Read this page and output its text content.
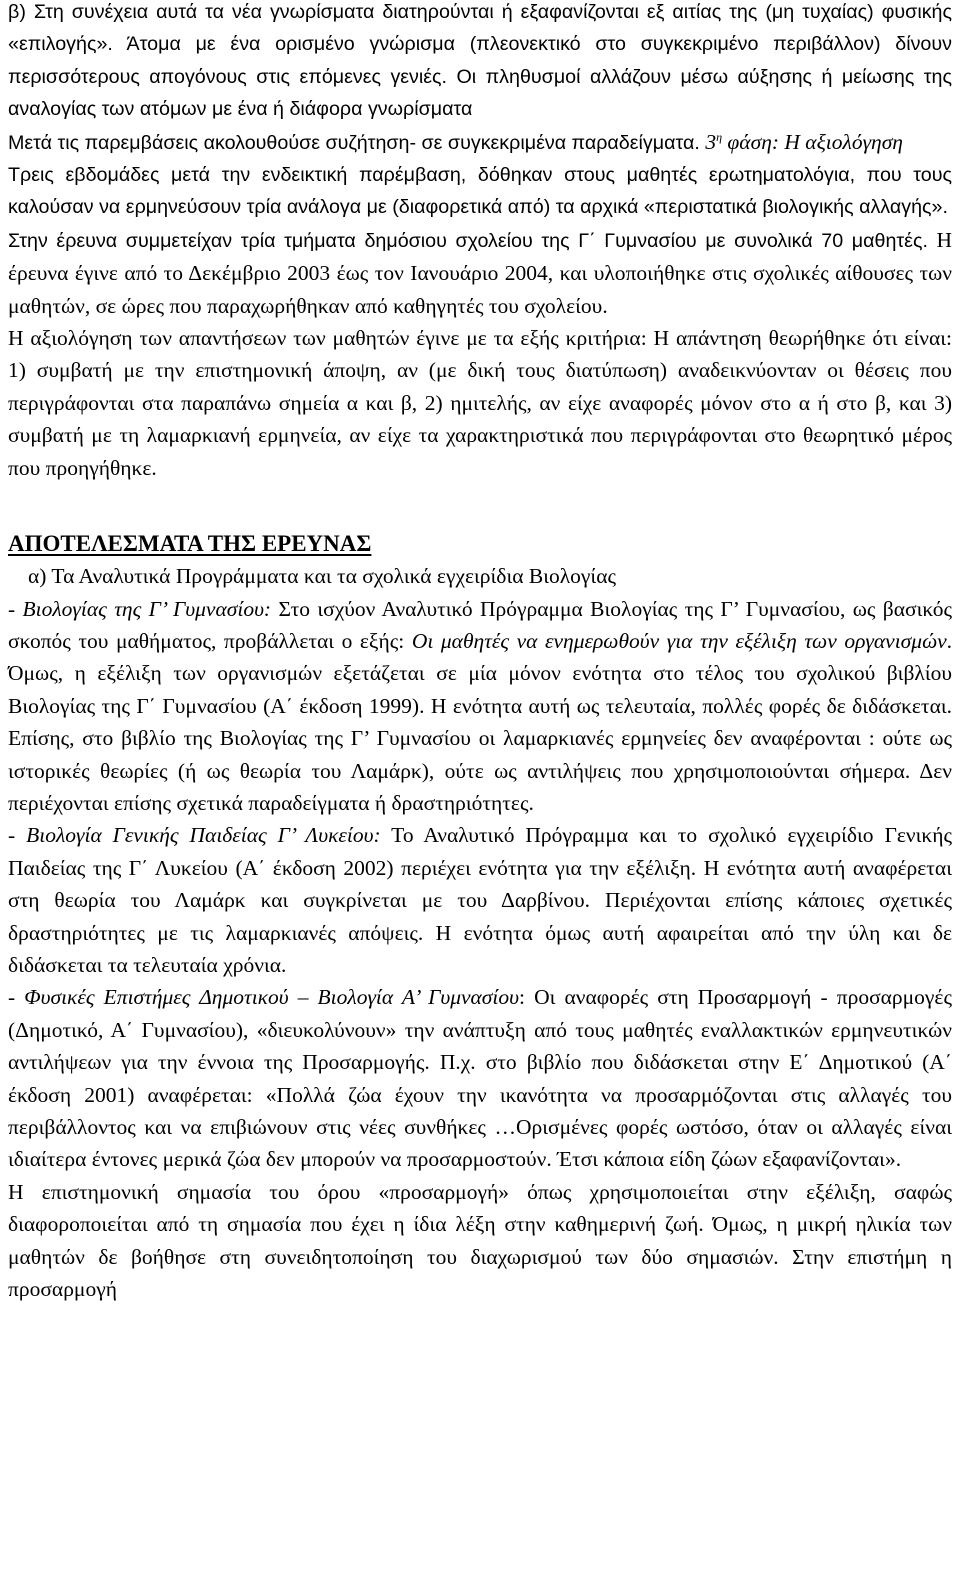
β) Στη συνέχεια αυτά τα νέα γνωρίσματα διατηρούνται ή εξαφανίζονται εξ αιτίας της (μη τυχαίας) φυσικής «επιλογής». Άτομα με ένα ορισμένο γνώρισμα (πλεονεκτικό στο συγκεκριμένο περιβάλλον) δίνουν περισσότερους απογόνους στις επόμενες γενιές. Οι πληθυσμοί αλλάζουν μέσω αύξησης ή μείωσης της αναλογίας των ατόμων με ένα ή διάφορα γνωρίσματα

Μετά τις παρεμβάσεις ακολουθούσε συζήτηση- σε συγκεκριμένα παραδείγματα. $3^\eta$ φάση: Η αξιολόγηση

Τρεις εβδομάδες μετά την ενδεικτική παρέμβαση, δόθηκαν στους μαθητές ερωτηματολόγια, που τους καλούσαν να ερμηνεύσουν τρία ανάλογα με (διαφορετικά από) τα αρχικά «περιστατικά βιολογικής αλλαγής».

Στην έρευνα συμμετείχαν τρία τμήματα δημόσιου σχολείου της Γ΄ Γυμνασίου με συνολικά 70 μαθητές. Η έρευνα έγινε από το Δεκέμβριο 2003 έως τον Ιανουάριο 2004, και υλοποιήθηκε στις σχολικές αίθουσες των μαθητών, σε ώρες που παραχωρήθηκαν από καθηγητές του σχολείου.

Η αξιολόγηση των απαντήσεων των μαθητών έγινε με τα εξής κριτήρια: Η απάντηση θεωρήθηκε ότι είναι: 1) συμβατή με την επιστημονική άποψη, αν (με δική τους διατύπωση) αναδεικνύονταν οι θέσεις που περιγράφονται στα παραπάνω σημεία α και β, 2) ημιτελής, αν είχε αναφορές μόνον στο α ή στο β, και 3) συμβατή με τη λαμαρκιανή ερμηνεία, αν είχε τα χαρακτηριστικά που περιγράφονται στο θεωρητικό μέρος που προηγήθηκε.

ΑΠΟΤΕΛΕΣΜΑΤΑ ΤΗΣ ΕΡΕΥΝΑΣ

α) Τα Αναλυτικά Προγράμματα και τα σχολικά εγχειρίδια Βιολογίας

- Βιολογίας της Γ’ Γυμνασίου: Στο ισχύον Αναλυτικό Πρόγραμμα Βιολογίας της Γ’ Γυμνασίου, ως βασικός σκοπός του μαθήματος, προβάλλεται ο εξής: Οι μαθητές να ενημερωθούν για την εξέλιξη των οργανισμών. Όμως, η εξέλιξη των οργανισμών εξετάζεται σε μία μόνον ενότητα στο τέλος του σχολικού βιβλίου Βιολογίας της Γ΄ Γυμνασίου (Α΄ έκδοση 1999). Η ενότητα αυτή ως τελευταία, πολλές φορές δε διδάσκεται. Επίσης, στο βιβλίο της Βιολογίας της Γ’ Γυμνασίου οι λαμαρκιανές ερμηνείες δεν αναφέρονται : ούτε ως ιστορικές θεωρίες (ή ως θεωρία του Λαμάρκ), ούτε ως αντιλήψεις που χρησιμοποιούνται σήμερα. Δεν περιέχονται επίσης σχετικά παραδείγματα ή δραστηριότητες.

- Βιολογία Γενικής Παιδείας Γ’ Λυκείου: Το Αναλυτικό Πρόγραμμα και το σχολικό εγχειρίδιο Γενικής Παιδείας της Γ΄ Λυκείου (Α΄ έκδοση 2002) περιέχει ενότητα για την εξέλιξη. Η ενότητα αυτή αναφέρεται στη θεωρία του Λαμάρκ και συγκρίνεται με του Δαρβίνου. Περιέχονται επίσης κάποιες σχετικές δραστηριότητες με τις λαμαρκιανές απόψεις. Η ενότητα όμως αυτή αφαιρείται από την ύλη και δε διδάσκεται τα τελευταία χρόνια.

- Φυσικές Επιστήμες Δημοτικού – Βιολογία Α’ Γυμνασίου: Οι αναφορές στη Προσαρμογή - προσαρμογές (Δημοτικό, Α΄ Γυμνασίου), «διευκολύνουν» την ανάπτυξη από τους μαθητές εναλλακτικών ερμηνευτικών αντιλήψεων για την έννοια της Προσαρμογής. Π.χ. στο βιβλίο που διδάσκεται στην Ε΄ Δημοτικού (Α΄ έκδοση 2001) αναφέρεται: «Πολλά ζώα έχουν την ικανότητα να προσαρμόζονται στις αλλαγές του περιβάλλοντος και να επιβιώνουν στις νέες συνθήκες …Ορισμένες φορές ωστόσο, όταν οι αλλαγές είναι ιδιαίτερα έντονες μερικά ζώα δεν μπορούν να προσαρμοστούν. Έτσι κάποια είδη ζώων εξαφανίζονται».

Η επιστημονική σημασία του όρου «προσαρμογή» όπως χρησιμοποιείται στην εξέλιξη, σαφώς διαφοροποιείται από τη σημασία που έχει η ίδια λέξη στην καθημερινή ζωή. Όμως, η μικρή ηλικία των μαθητών δε βοήθησε στη συνειδητοποίηση του διαχωρισμού των δύο σημασιών. Στην επιστήμη η προσαρμογή
